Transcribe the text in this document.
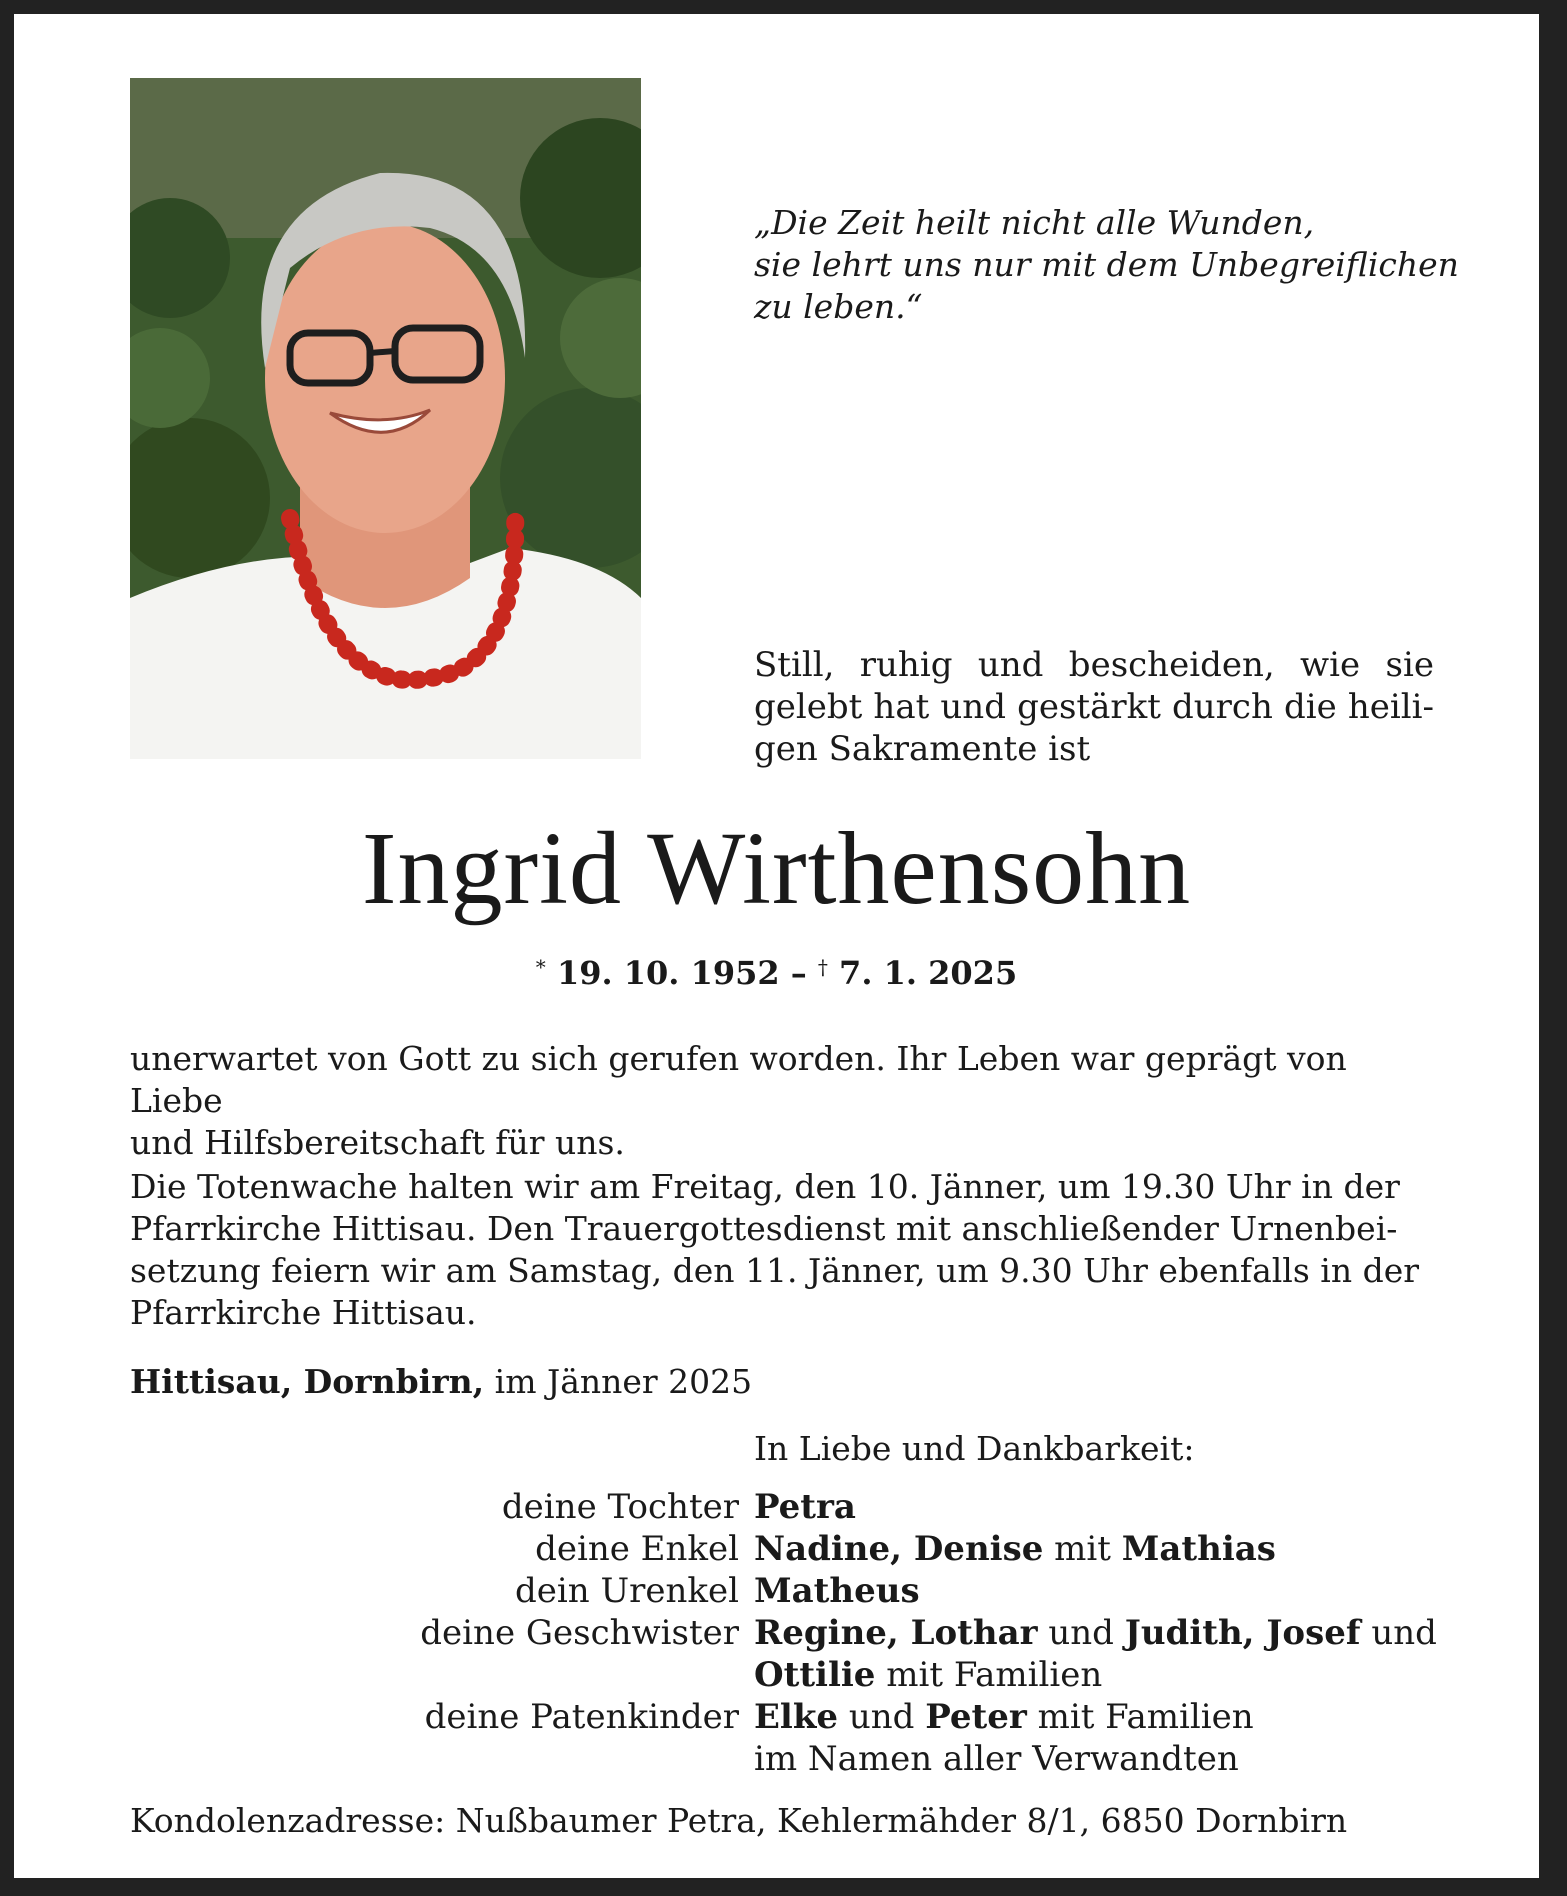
„Die Zeit heilt nicht alle Wunden,
sie lehrt uns nur mit dem Unbegreiflichen
zu leben.“
Still, ruhig und bescheiden, wie sie
gelebt hat und gestärkt durch die heili-
gen Sakramente ist
Ingrid Wirthensohn
* 19. 10. 1952 – † 7. 1. 2025
unerwartet von Gott zu sich gerufen worden. Ihr Leben war geprägt von Liebe
und Hilfsbereitschaft für uns.
Die Totenwache halten wir am Freitag, den 10. Jänner, um 19.30 Uhr in der
Pfarrkirche Hittisau. Den Trauergottesdienst mit anschließender Urnenbei-
setzung feiern wir am Samstag, den 11. Jänner, um 9.30 Uhr ebenfalls in der
Pfarrkirche Hittisau.
Hittisau, Dornbirn, im Jänner 2025
In Liebe und Dankbarkeit:
deine Tochter Petra
deine Enkel Nadine, Denise mit Mathias
dein Urenkel Matheus
deine Geschwister Regine, Lothar und Judith, Josef und
Ottilie mit Familien
deine Patenkinder Elke und Peter mit Familien
im Namen aller Verwandten
Kondolenzadresse: Nußbaumer Petra, Kehlermähder 8/1, 6850 Dornbirn
